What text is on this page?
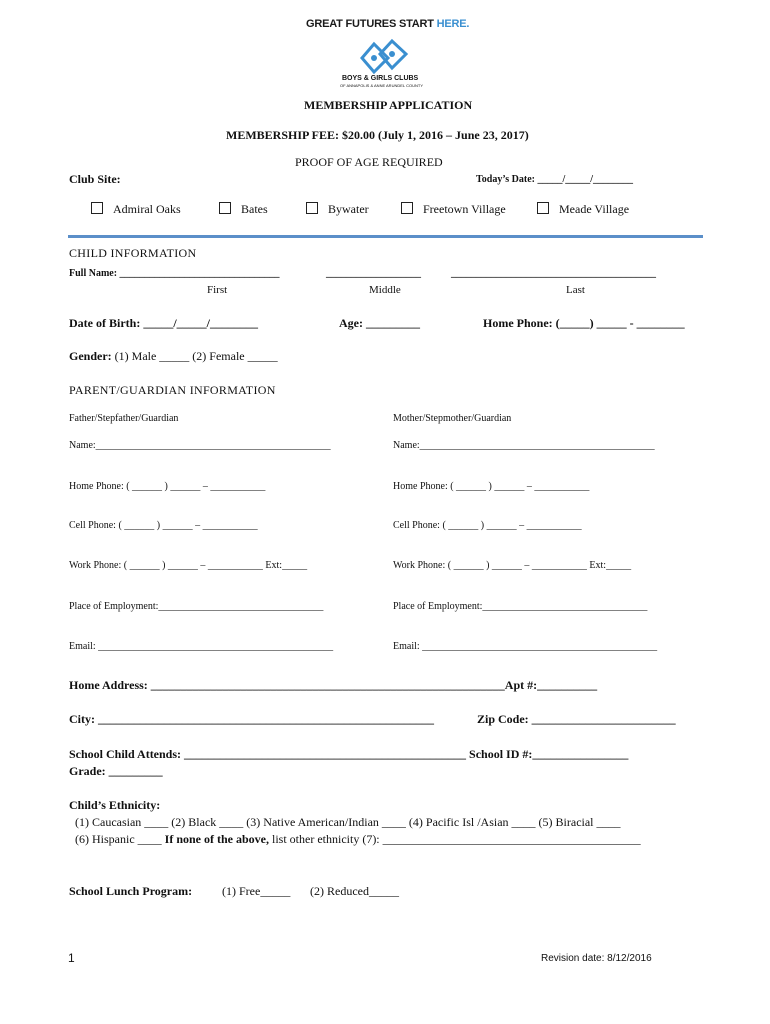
GREAT FUTURES START HERE.
BOYS & GIRLS CLUBS
OF ANNAPOLIS & ANNE ARUNDEL COUNTY
MEMBERSHIP APPLICATION
MEMBERSHIP FEE: $20.00 (July 1, 2016 – June 23, 2017)
PROOF OF AGE REQUIRED
Club Site:	Today’s Date: _____/_____/________
Admiral Oaks	Bates	Bywater	Freetown Village	Meade Village
CHILD INFORMATION
Full Name: ________________________________	___________________	_________________________________________
First	Middle	Last
Date of Birth: _____/_____/________	Age: _________	Home Phone: (_____) _____ - ________
Gender: (1) Male _____ (2) Female _____
PARENT/GUARDIAN INFORMATION
Father/Stepfather/Guardian	Mother/Stepmother/Guardian
Name:_______________________________________________	Name:_______________________________________________
Home Phone: ( ______ ) ______ – ___________	Home Phone: ( ______ ) ______ – ___________
Cell Phone: ( ______ ) ______ – ___________	Cell Phone: ( ______ ) ______ – ___________
Work Phone: ( ______ ) ______ – ___________ Ext:_____	Work Phone: ( ______ ) ______ – ___________ Ext:_____
Place of Employment:_________________________________	Place of Employment:_________________________________
Email: _______________________________________________	Email: _______________________________________________
Home Address: ___________________________________________________________Apt #:__________
City: ________________________________________________________	Zip Code: ________________________
School Child Attends: _______________________________________________ School ID #:________________
Grade: _________
Child’s Ethnicity:
(1) Caucasian ____ (2) Black ____ (3) Native American/Indian ____ (4) Pacific Isl /Asian ____ (5) Biracial ____
(6) Hispanic ____ If none of the above, list other ethnicity (7): ___________________________________________
School Lunch Program: (1) Free_____ (2) Reduced_____
1	Revision date: 8/12/2016
